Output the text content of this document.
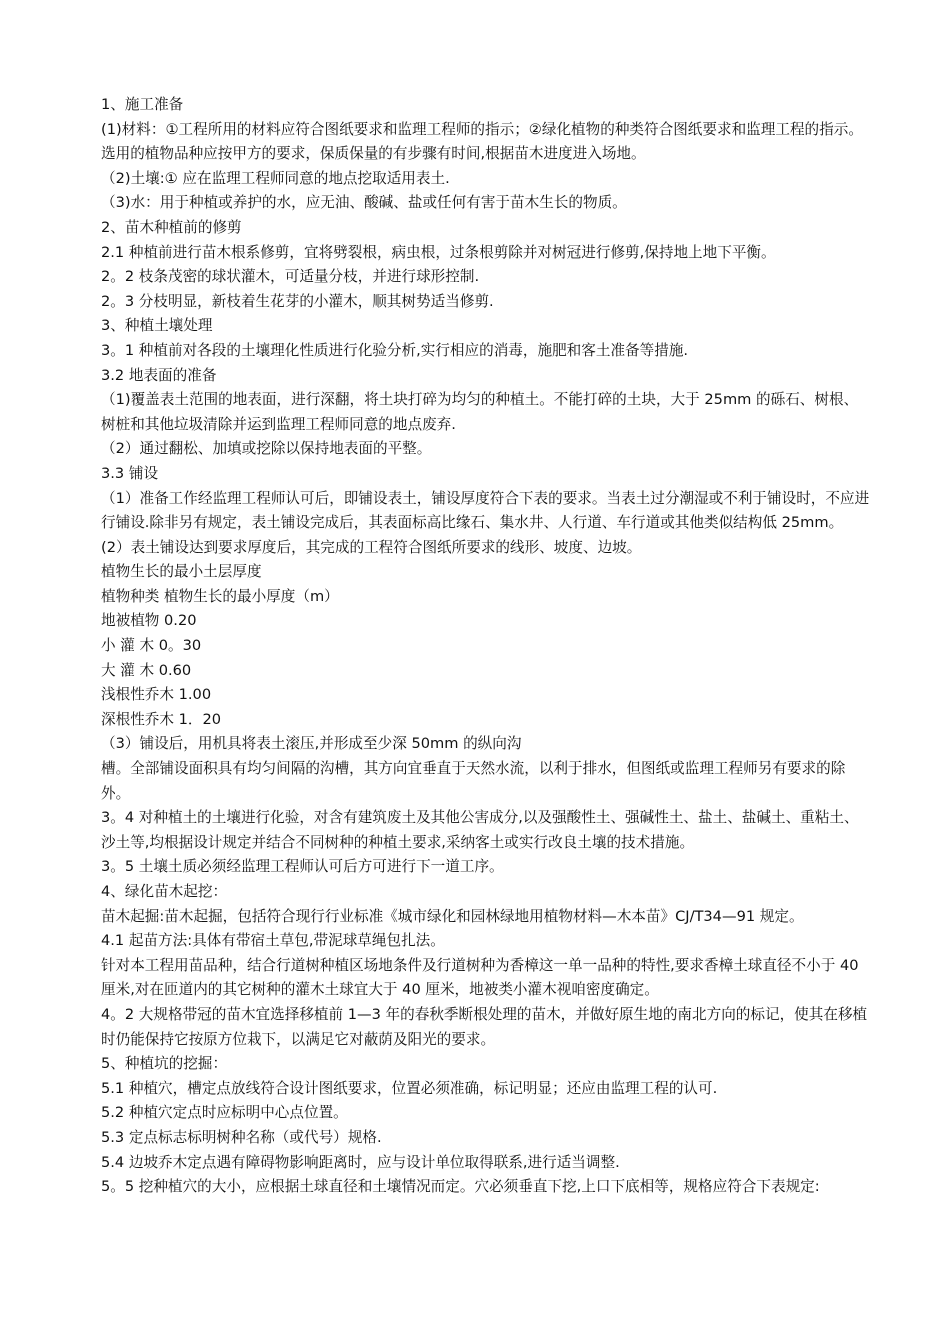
1、施工准备

(1)材料：①工程所用的材料应符合图纸要求和监理工程师的指示；②绿化植物的种类符合图纸要求和监理工程的指示。选用的植物品种应按甲方的要求，保质保量的有步骤有时间,根据苗木进度进入场地。

（2)土壤:① 应在监理工程师同意的地点挖取适用表土.

（3)水：用于种植或养护的水，应无油、酸碱、盐或任何有害于苗木生长的物质。

2、苗木种植前的修剪

2.1 种植前进行苗木根系修剪，宜将劈裂根，病虫根，过条根剪除并对树冠进行修剪,保持地上地下平衡。

2。2 枝条茂密的球状灌木，可适量分枝，并进行球形控制.

2。3 分枝明显，新枝着生花芽的小灌木，顺其树势适当修剪.

3、种植土壤处理

3。1 种植前对各段的土壤理化性质进行化验分析,实行相应的消毒，施肥和客土准备等措施.

3.2 地表面的准备

（1)覆盖表土范围的地表面，进行深翻，将土块打碎为均匀的种植土。不能打碎的土块，大于 25mm 的砾石、树根、树桩和其他垃圾清除并运到监理工程师同意的地点废弃.

（2）通过翻松、加填或挖除以保持地表面的平整。

3.3 铺设

（1）准备工作经监理工程师认可后，即铺设表土，铺设厚度符合下表的要求。当表土过分潮湿或不利于铺设时，不应进行铺设.除非另有规定，表土铺设完成后，其表面标高比缘石、集水井、人行道、车行道或其他类似结构低 25mm。

(2）表土铺设达到要求厚度后，其完成的工程符合图纸所要求的线形、坡度、边坡。

植物生长的最小土层厚度

植物种类 植物生长的最小厚度（m）

地被植物 0.20

小 灌 木 0。30

大 灌 木 0.60

浅根性乔木 1.00

深根性乔木 1．20

（3）铺设后，用机具将表土滚压,并形成至少深 50mm 的纵向沟

槽。全部铺设面积具有均匀间隔的沟槽，其方向宜垂直于天然水流，以利于排水，但图纸或监理工程师另有要求的除外。

3。4 对种植土的土壤进行化验，对含有建筑废土及其他公害成分,以及强酸性土、强碱性土、盐土、盐碱土、重粘土、沙土等,均根据设计规定并结合不同树种的种植土要求,采纳客土或实行改良土壤的技术措施。

3。5 土壤土质必须经监理工程师认可后方可进行下一道工序。

4、绿化苗木起挖：

苗木起掘:苗木起掘，包括符合现行行业标准《城市绿化和园林绿地用植物材料—木本苗》CJ/T34—91 规定。

4.1 起苗方法:具体有带宿土草包,带泥球草绳包扎法。

针对本工程用苗品种，结合行道树种植区场地条件及行道树种为香樟这一单一品种的特性,要求香樟土球直径不小于 40 厘米,对在匝道内的其它树种的灌木土球宜大于 40 厘米，地被类小灌木视咱密度确定。

4。2 大规格带冠的苗木宜选择移植前 1—3 年的春秋季断根处理的苗木，并做好原生地的南北方向的标记，使其在移植时仍能保持它按原方位栽下，以满足它对蔽荫及阳光的要求。

5、种植坑的挖掘：

5.1 种植穴，槽定点放线符合设计图纸要求，位置必须准确，标记明显；还应由监理工程的认可.

5.2 种植穴定点时应标明中心点位置。

5.3 定点标志标明树种名称（或代号）规格.

5.4 边坡乔木定点遇有障碍物影响距离时，应与设计单位取得联系,进行适当调整.

5。5 挖种植穴的大小，应根据土球直径和土壤情况而定。穴必须垂直下挖,上口下底相等，规格应符合下表规定:
